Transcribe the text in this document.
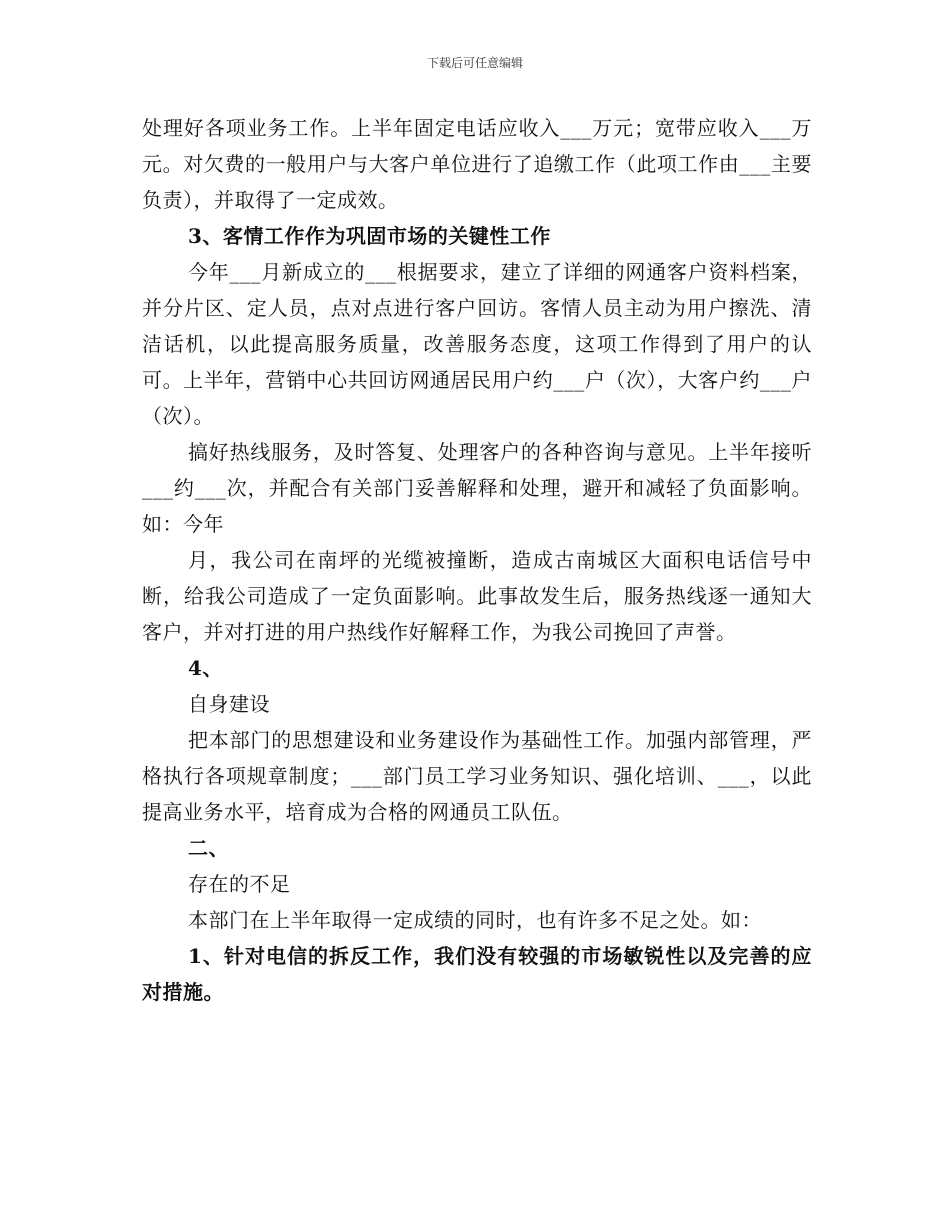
下载后可任意编辑

处理好各项业务工作。上半年固定电话应收入___万元；宽带应收入___万元。对欠费的一般用户与大客户单位进行了追缴工作（此项工作由___主要负责），并取得了一定成效。

3、客情工作作为巩固市场的关键性工作

今年___月新成立的___根据要求，建立了详细的网通客户资料档案，并分片区、定人员，点对点进行客户回访。客情人员主动为用户擦洗、清洁话机，以此提高服务质量，改善服务态度，这项工作得到了用户的认可。上半年，营销中心共回访网通居民用户约___户（次），大客户约___户（次）。

搞好热线服务，及时答复、处理客户的各种咨询与意见。上半年接听___约___次，并配合有关部门妥善解释和处理，避开和减轻了负面影响。如：今年

月，我公司在南坪的光缆被撞断，造成古南城区大面积电话信号中断，给我公司造成了一定负面影响。此事故发生后，服务热线逐一通知大客户，并对打进的用户热线作好解释工作，为我公司挽回了声誉。

4、

自身建设

把本部门的思想建设和业务建设作为基础性工作。加强内部管理，严格执行各项规章制度；___部门员工学习业务知识、强化培训、___，以此提高业务水平，培育成为合格的网通员工队伍。

二、

存在的不足

本部门在上半年取得一定成绩的同时，也有许多不足之处。如：

1、针对电信的拆反工作，我们没有较强的市场敏锐性以及完善的应对措施。
